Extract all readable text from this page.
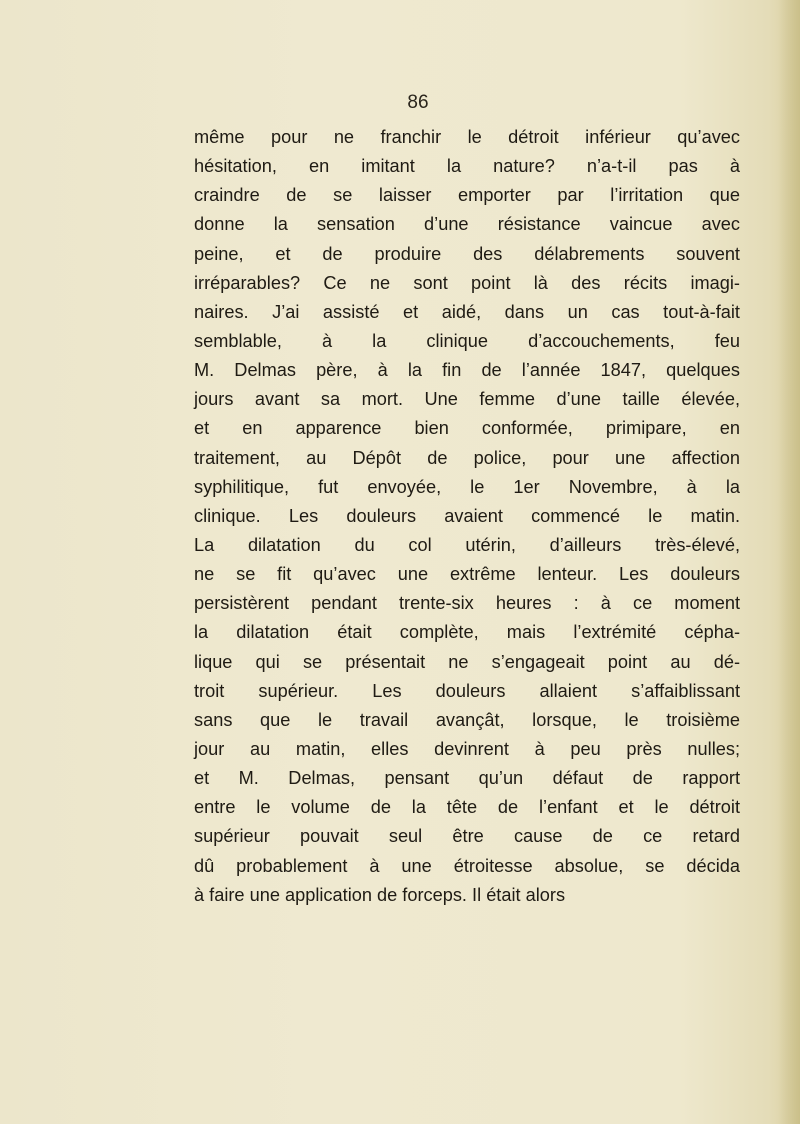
86
même pour ne franchir le détroit inférieur qu’avec
hésitation, en imitant la nature? n’a-t-il pas à
craindre de se laisser emporter par l’irritation que
donne la sensation d’une résistance vaincue avec
peine, et de produire des délabrements souvent
irréparables? Ce ne sont point là des récits imagi-
naires. J’ai assisté et aidé, dans un cas tout-à-fait
semblable, à la clinique d’accouchements, feu
M. Delmas père, à la fin de l’année 1847, quelques
jours avant sa mort. Une femme d’une taille élevée,
et en apparence bien conformée, primipare, en
traitement, au Dépôt de police, pour une affection
syphilitique, fut envoyée, le 1er Novembre, à la
clinique. Les douleurs avaient commencé le matin.
La dilatation du col utérin, d’ailleurs très-élevé,
ne se fit qu’avec une extrême lenteur. Les douleurs
persistèrent pendant trente-six heures : à ce moment
la dilatation était complète, mais l’extrémité cépha-
lique qui se présentait ne s’engageait point au dé-
troit supérieur. Les douleurs allaient s’affaiblissant
sans que le travail avançât, lorsque, le troisième
jour au matin, elles devinrent à peu près nulles;
et M. Delmas, pensant qu’un défaut de rapport
entre le volume de la tête de l’enfant et le détroit
supérieur pouvait seul être cause de ce retard
dû probablement à une étroitesse absolue, se décida
à faire une application de forceps. Il était alors
